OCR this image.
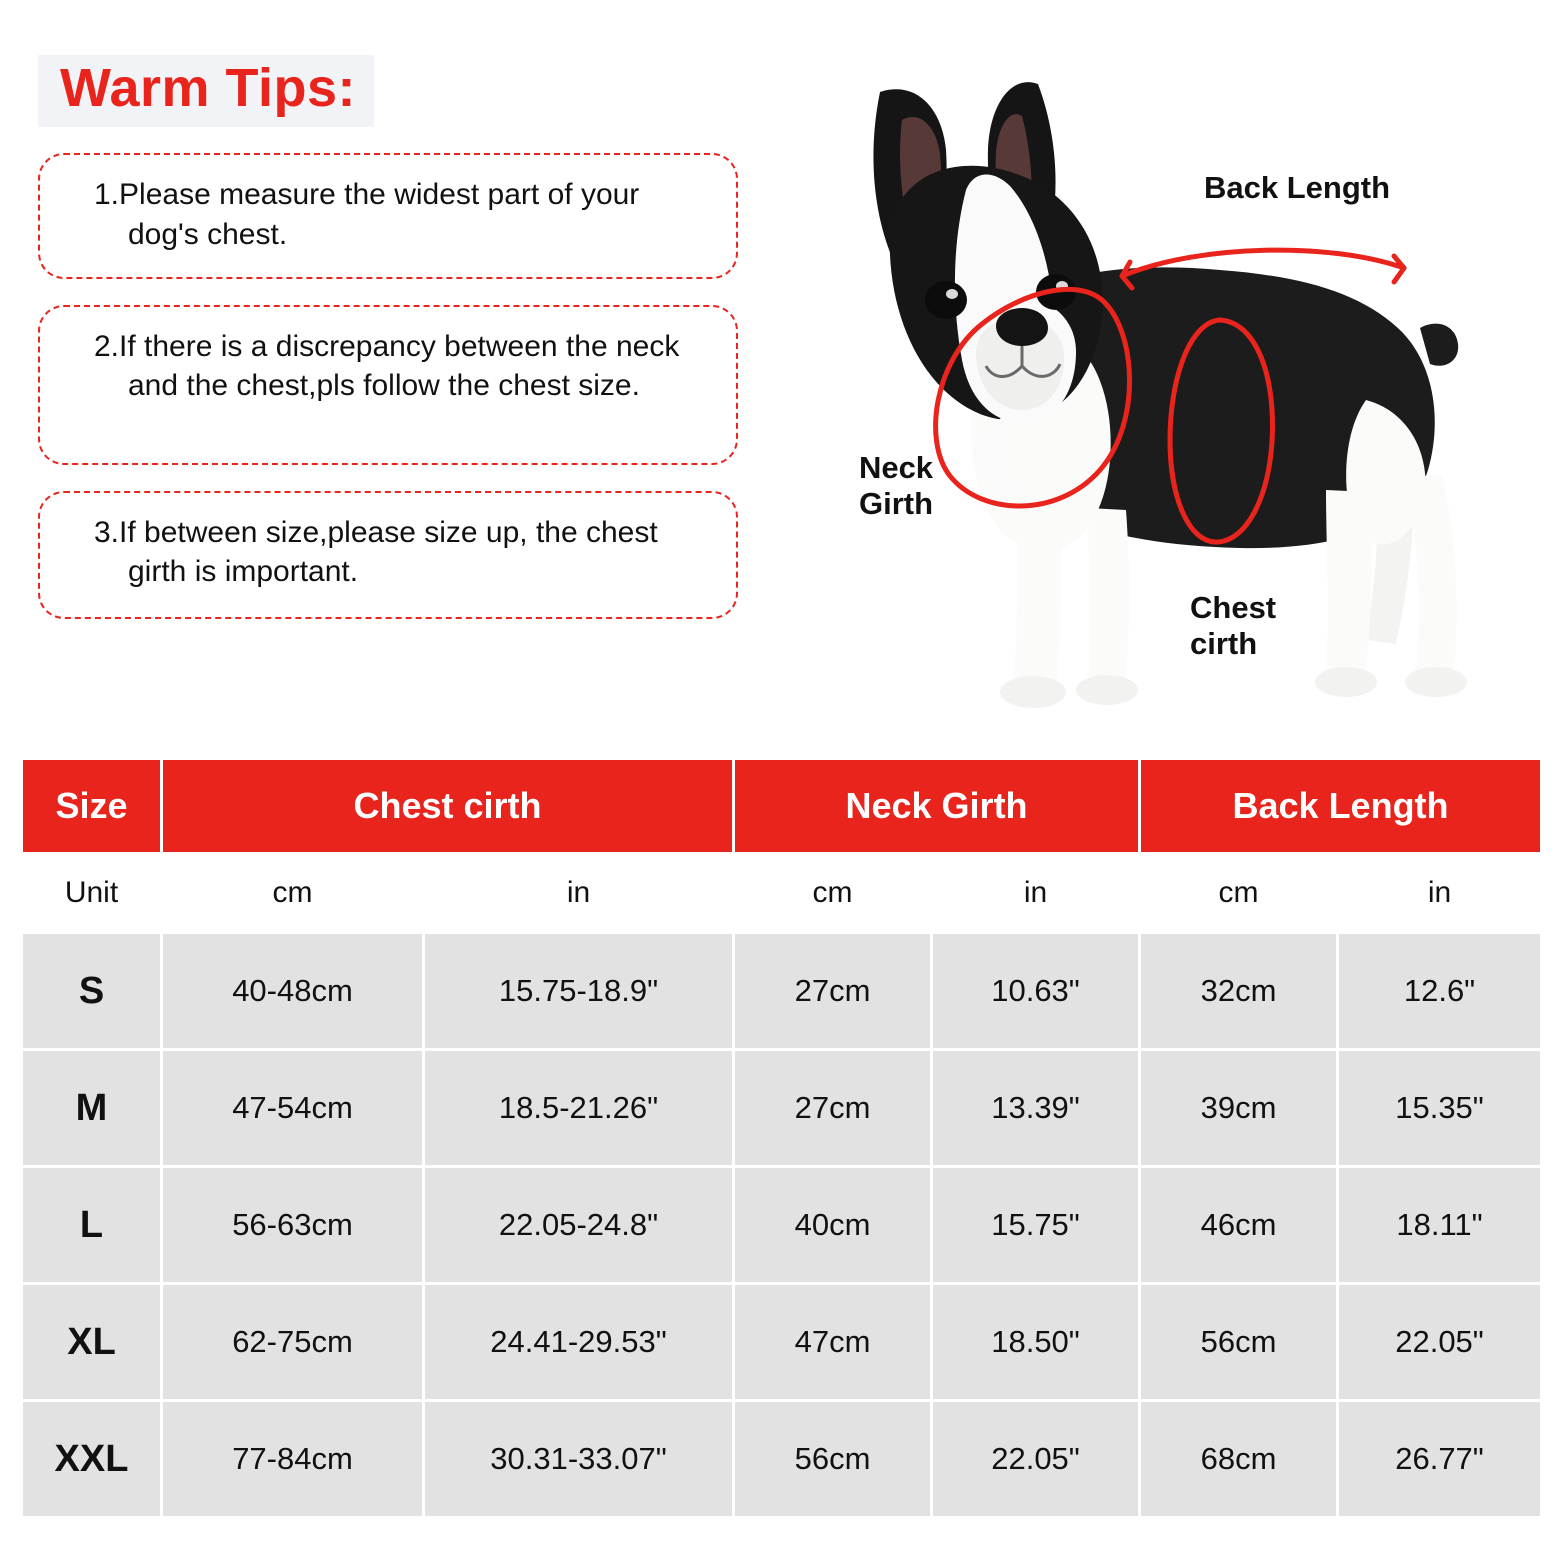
Warm Tips:

1.Please measure the widest part of your dog's chest.

2.If there is a discrepancy between the neck and the chest,pls follow the chest size.

3.If between size,please size up, the chest girth is important.

Back Length
Neck
Girth
Chest
cirth
Size	Chest cirth		Neck Girth		Back Length	
Unit	cm	in	cm	in	cm	in
S	40-48cm	15.75-18.9"	27cm	10.63"	32cm	12.6"
M	47-54cm	18.5-21.26"	27cm	13.39"	39cm	15.35"
L	56-63cm	22.05-24.8"	40cm	15.75"	46cm	18.11"
XL	62-75cm	24.41-29.53"	47cm	18.50"	56cm	22.05"
XXL	77-84cm	30.31-33.07"	56cm	22.05"	68cm	26.77"
